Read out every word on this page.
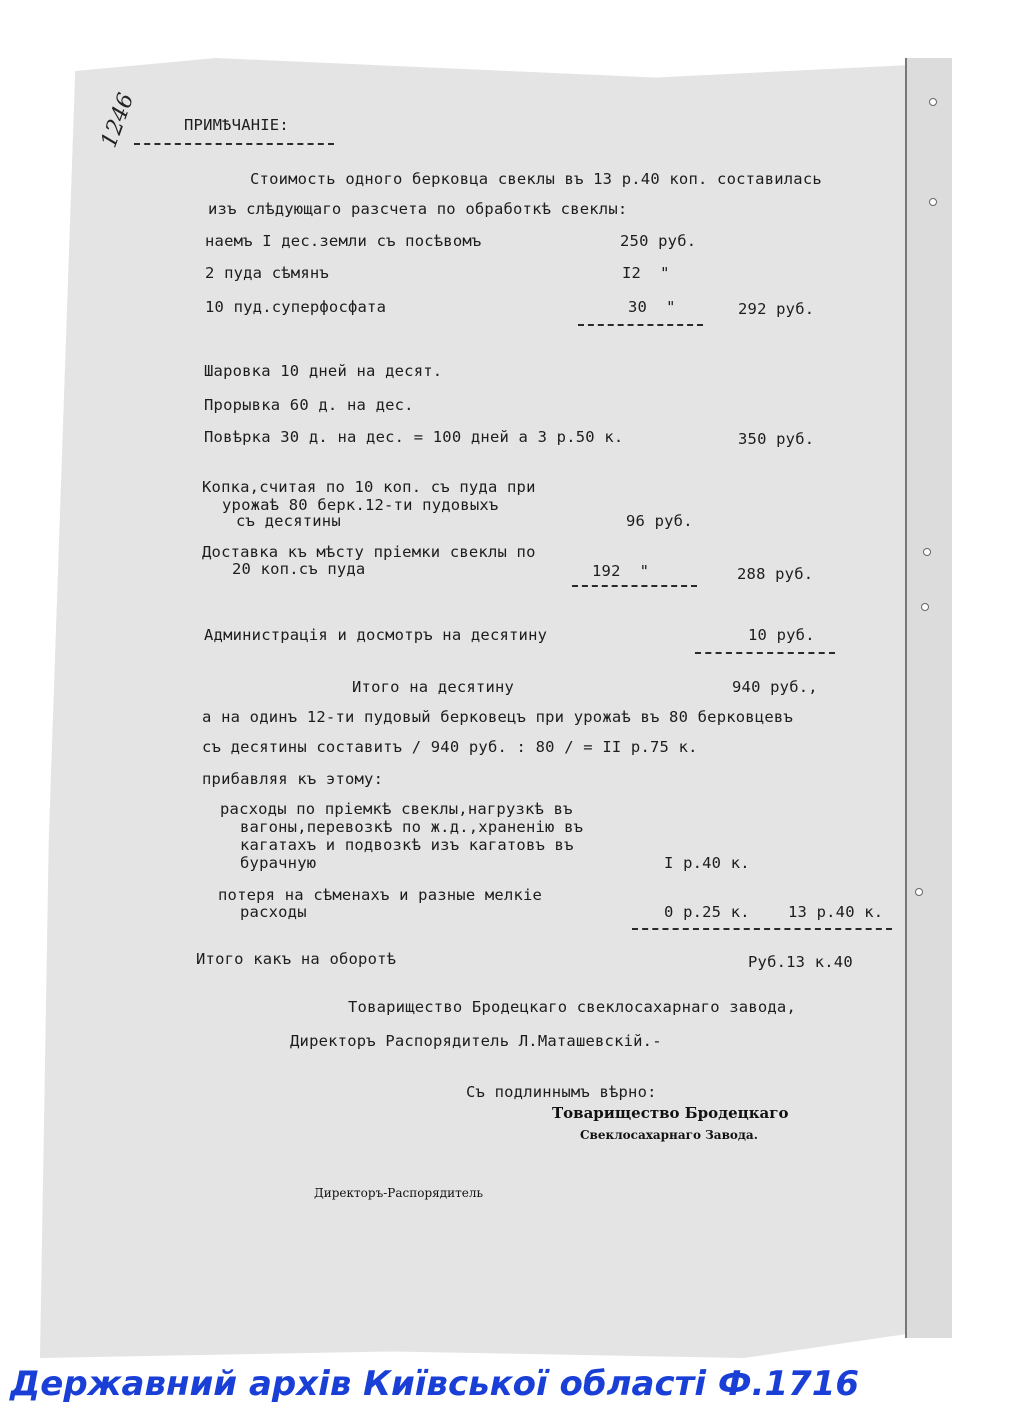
1246	ПРИМѢЧАНІЕ:
Стоимость одного берковца свеклы въ 13 р.40 коп. составилась
изъ слѣдующаго разсчета по обработкѣ свеклы:
наемъ I дес.земли съ посѣвомъ	250 руб.
2 пуда сѣмянъ	I2  "
10 пуд.суперфосфата	30  "	292 руб.
Шаровка 10 дней на десят.
Прорывка 60 д. на дес.
Повѣрка 30 д. на дес. = 100 дней а 3 р.50 к.	350 руб.
Копка,считая по 10 коп. съ пуда при
урожаѣ 80 берк.12-ти пудовыхъ
съ десятины	96 руб.
Доставка къ мѣсту пріемки свеклы по
20 коп.съ пуда	192  "	288 руб.
Администрація и досмотръ на десятину	10 руб.
Итого на десятину	940 руб.,
а на одинъ 12-ти пудовый берковецъ при урожаѣ въ 80 берковцевъ
съ десятины составитъ / 940 руб. : 80 / = II р.75 к.
прибавляя къ этому:
расходы по пріемкѣ свеклы,нагрузкѣ въ
вагоны,перевозкѣ по ж.д.,храненію въ
кагатахъ и подвозкѣ изъ кагатовъ въ
бурачную	I р.40 к.
потеря на сѣменахъ и разные мелкіе
расходы	0 р.25 к. 13 р.40 к.
Итого какъ на оборотѣ	Руб.13 к.40
Товарищество Бродецкаго свеклосахарнаго завода,
Директоръ Распорядитель Л.Маташевскій.-
Съ подлиннымъ вѣрно:
Товарищество Бродецкаго
Свеклосахарнаго Завода.
Директоръ-Распорядитель
Державний архів Київської області Ф.1716
